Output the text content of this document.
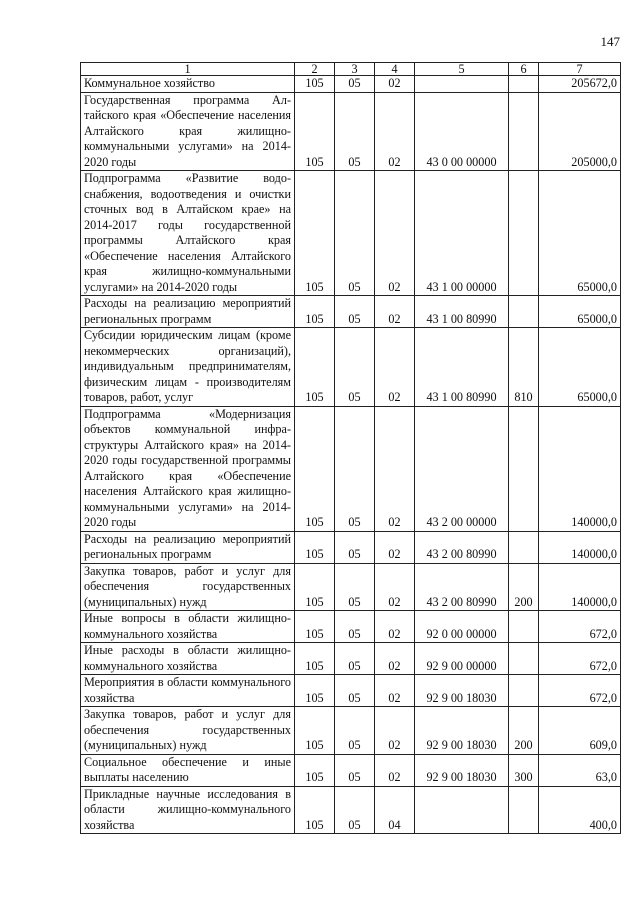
147
1	2	3	4	5	6	7
Коммунальное хозяйство	105	05	02			205672,0
Государственная программа Алтайского края «Обеспечение населения Алтайского края жилищно-коммунальными услугами» на 2014-2020 годы	105	05	02	43 0 00 00000		205000,0
Подпрограмма «Развитие водоснабжения, водоотведения и очистки сточных вод в Алтайском крае» на 2014-2017 годы государственной программы Алтайского края «Обеспечение населения Алтайского края жилищно-коммунальными услугами» на 2014-2020 годы	105	05	02	43 1 00 00000		65000,0
Расходы на реализацию мероприятий региональных программ	105	05	02	43 1 00 80990		65000,0
Субсидии юридическим лицам (кроме некоммерческих организаций), индивидуальным предпринимателям, физическим лицам - производителям товаров, работ, услуг	105	05	02	43 1 00 80990	810	65000,0
Подпрограмма «Модернизация объектов коммунальной инфраструктуры Алтайского края» на 2014-2020 годы государственной программы Алтайского края «Обеспечение населения Алтайского края жилищно-коммунальными услугами» на 2014-2020 годы	105	05	02	43 2 00 00000		140000,0
Расходы на реализацию мероприятий региональных программ	105	05	02	43 2 00 80990		140000,0
Закупка товаров, работ и услуг для обеспечения государственных (муниципальных) нужд	105	05	02	43 2 00 80990	200	140000,0
Иные вопросы в области жилищно-коммунального хозяйства	105	05	02	92 0 00 00000		672,0
Иные расходы в области жилищно-коммунального хозяйства	105	05	02	92 9 00 00000		672,0
Мероприятия в области коммунального хозяйства	105	05	02	92 9 00 18030		672,0
Закупка товаров, работ и услуг для обеспечения государственных (муниципальных) нужд	105	05	02	92 9 00 18030	200	609,0
Социальное обеспечение и иные выплаты населению	105	05	02	92 9 00 18030	300	63,0
Прикладные научные исследования в области жилищно-коммунального хозяйства	105	05	04			400,0
